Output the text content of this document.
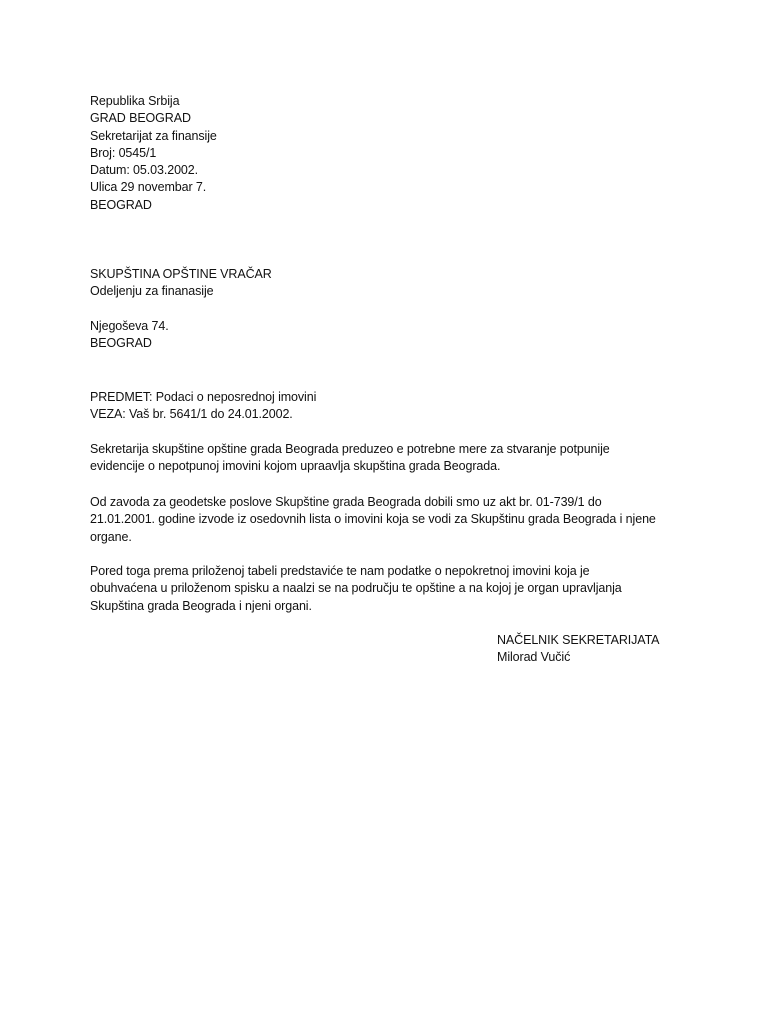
Republika Srbija
GRAD BEOGRAD
Sekretarijat za finansije
Broj: 0545/1
Datum: 05.03.2002.
Ulica 29 novembar 7.
BEOGRAD
SKUPŠTINA OPŠTINE VRAČAR
Odeljenju za finanasije
Njegoševa 74.
BEOGRAD
PREDMET: Podaci o neposrednoj imovini
VEZA: Vaš br. 5641/1 do 24.01.2002.
Sekretarija skupštine opštine grada Beograda preduzeo e potrebne mere za stvaranje potpunije
evidencije o nepotpunoj imovini kojom upraavlja skupština grada Beograda.
Od zavoda za geodetske poslove Skupštine grada Beograda dobili smo uz akt br. 01-739/1 do
21.01.2001. godine izvode iz osedovnih lista o imovini koja se vodi za Skupštinu grada Beograda i njene
organe.
Pored toga prema priloženoj tabeli predstaviće te nam podatke o nepokretnoj imovini koja je
obuhvaćena u priloženom spisku a naalzi se na području te opštine a na kojoj je organ upravljanja
Skupština grada Beograda i njeni organi.
NAČELNIK SEKRETARIJATA
Milorad Vučić
